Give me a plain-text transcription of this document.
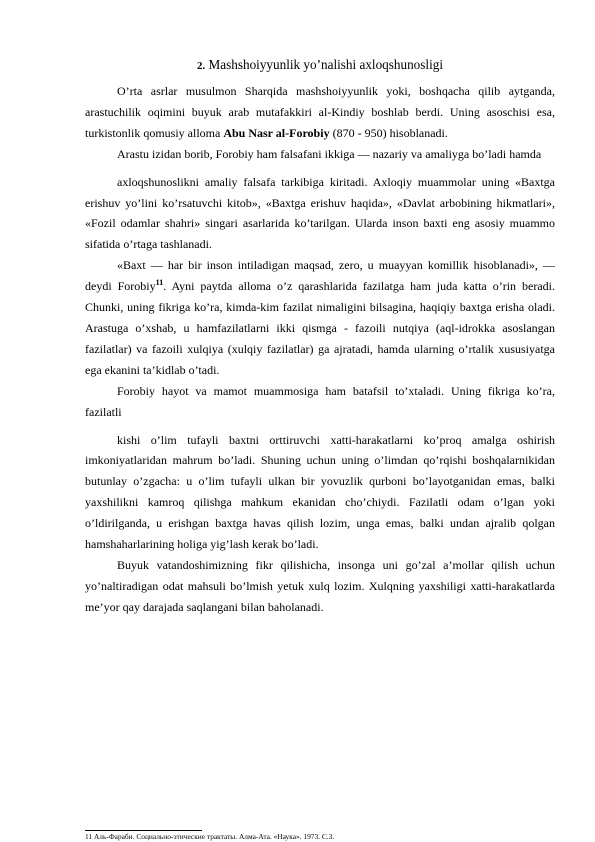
2. Mashshoiyyunlik yo’nalishi axloqshunosligi

O’rta asrlar musulmon Sharqida mashshoiyyunlik yoki, boshqacha qilib aytganda, arastuchilik oqimini buyuk arab mutafakkiri al-Kindiy boshlab berdi. Uning asoschisi esa, turkistonlik qomusiy alloma Abu Nasr al-Forobiy (870 - 950) hisoblanadi.

Arastu izidan borib, Forobiy ham falsafani ikkiga — nazariy va amaliyga bo’ladi hamda

axloqshunoslikni amaliy falsafa tarkibiga kiritadi. Axloqiy muammolar uning «Baxtga erishuv yo’lini ko’rsatuvchi kitob», «Baxtga erishuv haqida», «Davlat arbobining hikmatlari», «Fozil odamlar shahri» singari asarlarida ko’tarilgan. Ularda inson baxti eng asosiy muammo sifatida o’rtaga tashlanadi.

«Baxt — har bir inson intiladigan maqsad, zero, u muayyan komillik hisoblanadi», — deydi Forobiy$^{11}$. Ayni paytda alloma o’z qarashlarida fazilatga ham juda katta o’rin beradi. Chunki, uning fikriga ko’ra, kimda-kim fazilat nimaligini bilsagina, haqiqiy baxtga erisha oladi. Arastuga o’xshab, u hamfazilatlarni ikki qismga - fazoili nutqiya (aql-idrokka asoslangan fazilatlar) va fazoili xulqiya (xulqiy fazilatlar) ga ajratadi, hamda ularning o’rtalik xususiyatga ega ekanini ta’kidlab o’tadi.

Forobiy hayot va mamot muammosiga ham batafsil to’xtaladi. Uning fikriga ko’ra, fazilatli

kishi o’lim tufayli baxtni orttiruvchi xatti-harakatlarni ko’proq amalga oshirish imkoniyatlaridan mahrum bo’ladi. Shuning uchun uning o’limdan qo’rqishi boshqalarnikidan butunlay o’zgacha: u o’lim tufayli ulkan bir yovuzlik qurboni bo’layotganidan emas, balki yaxshilikni kamroq qilishga mahkum ekanidan cho’chiydi. Fazilatli odam o’lgan yoki o’ldirilganda, u erishgan baxtga havas qilish lozim, unga emas, balki undan ajralib qolgan hamshaharlarining holiga yig’lash kerak bo’ladi.

Buyuk vatandoshimizning fikr qilishicha, insonga uni go’zal a’mollar qilish uchun yo’naltiradigan odat mahsuli bo’lmish yetuk xulq lozim. Xulqning yaxshiligi xatti-harakatlarda me’yor qay darajada saqlangani bilan baholanadi.

11 Аль-Фараби. Социально-этические трактаты. Алма-Ата. «Наука». 1973. С.3.
